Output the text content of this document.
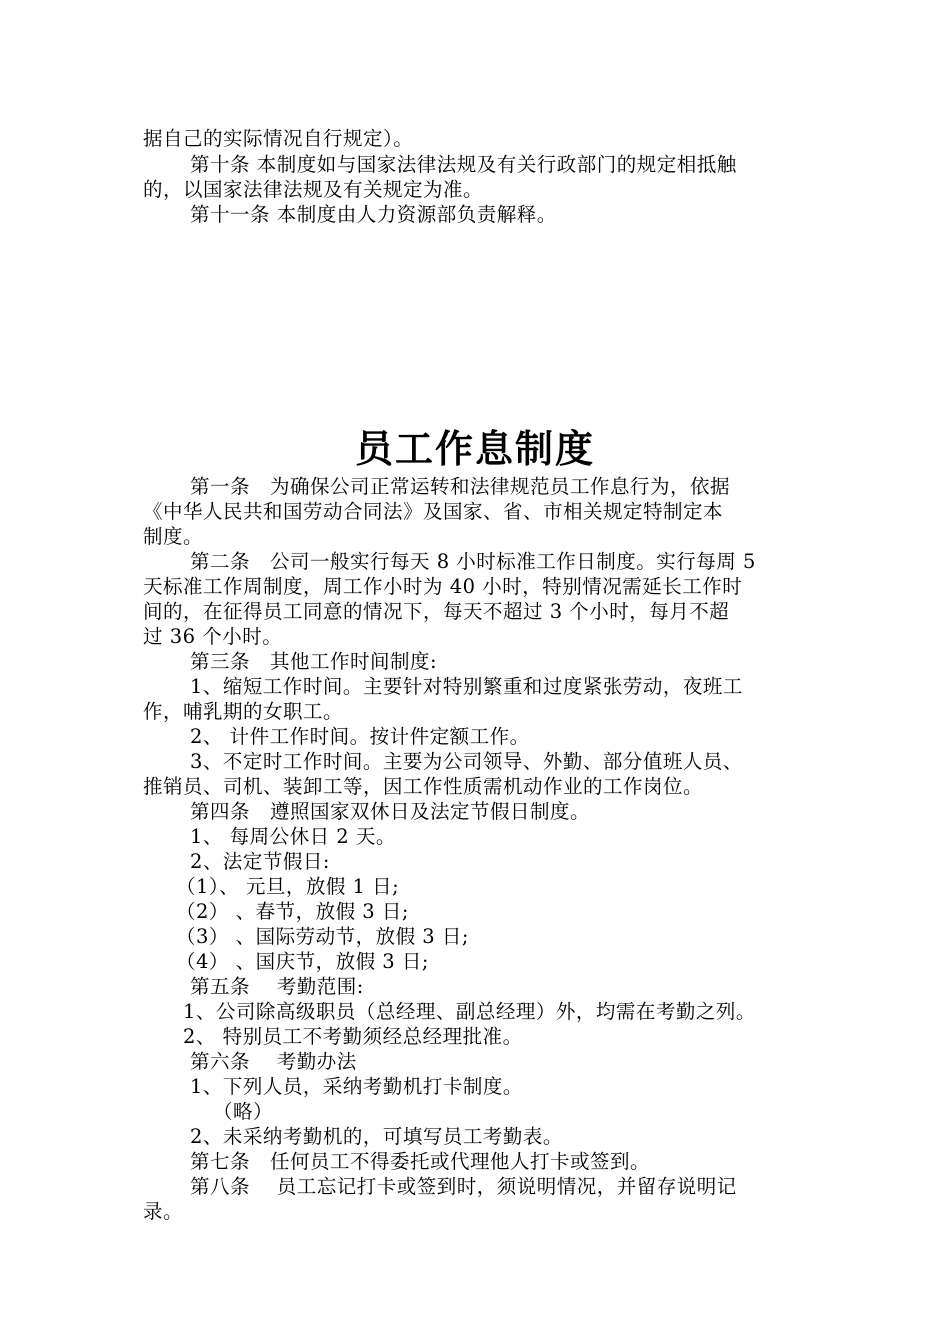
据自己的实际情况自行规定）。
第十条 本制度如与国家法律法规及有关行政部门的规定相抵触
的，以国家法律法规及有关规定为准。
第十一条 本制度由人力资源部负责解释。
员工作息制度
第一条　为确保公司正常运转和法律规范员工作息行为，依据
《中华人民共和国劳动合同法》及国家、省、市相关规定特制定本
制度。
第二条　公司一般实行每天 8 小时标准工作日制度。实行每周 5
天标准工作周制度，周工作小时为 40 小时，特别情况需延长工作时
间的，在征得员工同意的情况下，每天不超过 3 个小时，每月不超
过 36 个小时。
第三条　其他工作时间制度:
1、缩短工作时间。主要针对特别繁重和过度紧张劳动，夜班工
作，哺乳期的女职工。
2、 计件工作时间。按计件定额工作。
3、不定时工作时间。主要为公司领导、外勤、部分值班人员、
推销员、司机、装卸工等，因工作性质需机动作业的工作岗位。
第四条　遵照国家双休日及法定节假日制度。
1、 每周公休日 2 天。
2、法定节假日:
（1）、 元旦，放假 1 日;
（2） 、春节，放假 3 日;
（3） 、国际劳动节，放假 3 日;
（4） 、国庆节，放假 3 日;
第五条　 考勤范围:
1、公司除高级职员（总经理、副总经理）外，均需在考勤之列。
2、 特别员工不考勤须经总经理批准。
第六条　 考勤办法
1、下列人员，采纳考勤机打卡制度。
（略）
2、未采纳考勤机的，可填写员工考勤表。
第七条　任何员工不得委托或代理他人打卡或签到。
第八条　 员工忘记打卡或签到时，须说明情况，并留存说明记
录。
